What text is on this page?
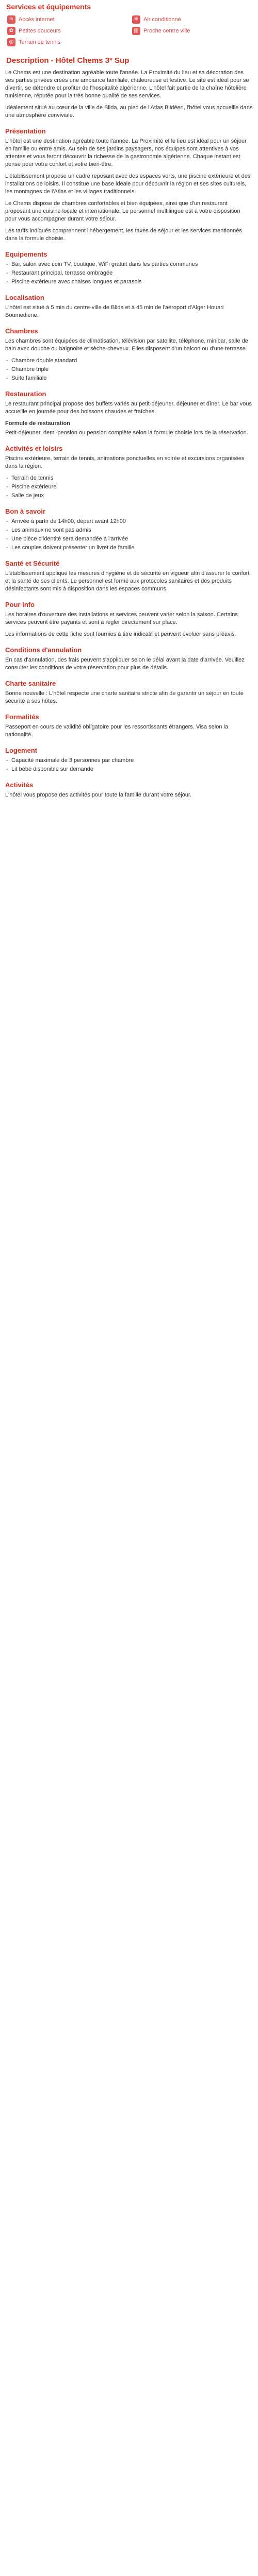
Services et équipements
≋ Accès internet	❄ Air conditionné
✿ Petites douceurs	▥ Proche centre ville
◎ Terrain de tennis
Description - Hôtel Chems 3* Sup

Le Chems est une destination agréable toute l'année. La Proximité du lieu et sa décoration des ses parties privées créés une ambiance familiale, chaleureuse et festive. Le site est idéal pour se divertir, se détendre et profiter de l'hospitalité algérienne. L'hôtel fait partie de la chaîne hôtelière tunisienne, réputée pour la très bonne qualité de ses services.

Idéalement situé au cœur de la ville de Blida, au pied de l'Atlas Blidéen, l'hôtel vous accueille dans une atmosphère conviviale.

Présentation

L'hôtel est une destination agréable toute l'année. La Proximité et le lieu est idéal pour un séjour en famille ou entre amis. Au sein de ses jardins paysagers, nos équipes sont attentives à vos attentes et vous feront découvrir la richesse de la gastronomie algérienne. Chaque instant est pensé pour votre confort et votre bien-être.

L'établissement propose un cadre reposant avec des espaces verts, une piscine extérieure et des installations de loisirs. Il constitue une base idéale pour découvrir la région et ses sites culturels, les montagnes de l'Atlas et les villages traditionnels.

Le Chems dispose de chambres confortables et bien équipées, ainsi que d'un restaurant proposant une cuisine locale et internationale. Le personnel multilingue est à votre disposition pour vous accompagner durant votre séjour.

Les tarifs indiqués comprennent l'hébergement, les taxes de séjour et les services mentionnés dans la formule choisie.

Equipements
- Bar, salon avec coin TV, boutique, WiFi gratuit dans les parties communes
- Restaurant principal, terrasse ombragée
- Piscine extérieure avec chaises longues et parasols
Localisation

L'hôtel est situé à 5 min du centre-ville de Blida et à 45 min de l'aéroport d'Alger Houari Boumediene.

Chambres

Les chambres sont équipées de climatisation, télévision par satellite, téléphone, minibar, salle de bain avec douche ou baignoire et sèche-cheveux. Elles disposent d'un balcon ou d'une terrasse.

- Chambre double standard
- Chambre triple
- Suite familiale
Restauration

Le restaurant principal propose des buffets variés au petit-déjeuner, déjeuner et dîner. Le bar vous accueille en journée pour des boissons chaudes et fraîches.

Formule de restauration

Petit-déjeuner, demi-pension ou pension complète selon la formule choisie lors de la réservation.

Activités et loisirs

Piscine extérieure, terrain de tennis, animations ponctuelles en soirée et excursions organisées dans la région.

- Terrain de tennis
- Piscine extérieure
- Salle de jeux
Bon à savoir
- Arrivée à partir de 14h00, départ avant 12h00
- Les animaux ne sont pas admis
- Une pièce d'identité sera demandée à l'arrivée
- Les couples doivent présenter un livret de famille
Santé et Sécurité

L'établissement applique les mesures d'hygiène et de sécurité en vigueur afin d'assurer le confort et la santé de ses clients. Le personnel est formé aux protocoles sanitaires et des produits désinfectants sont mis à disposition dans les espaces communs.

Pour info

Les horaires d'ouverture des installations et services peuvent varier selon la saison. Certains services peuvent être payants et sont à régler directement sur place.

Les informations de cette fiche sont fournies à titre indicatif et peuvent évoluer sans préavis.

Conditions d'annulation

En cas d'annulation, des frais peuvent s'appliquer selon le délai avant la date d'arrivée. Veuillez consulter les conditions de votre réservation pour plus de détails.

Charte sanitaire

Bonne nouvelle : L'hôtel respecte une charte sanitaire stricte afin de garantir un séjour en toute sécurité à ses hôtes.

Formalités

Passeport en cours de validité obligatoire pour les ressortissants étrangers. Visa selon la nationalité.

Logement
- Capacité maximale de 3 personnes par chambre
- Lit bébé disponible sur demande
Activités

L'hôtel vous propose des activités pour toute la famille durant votre séjour.
